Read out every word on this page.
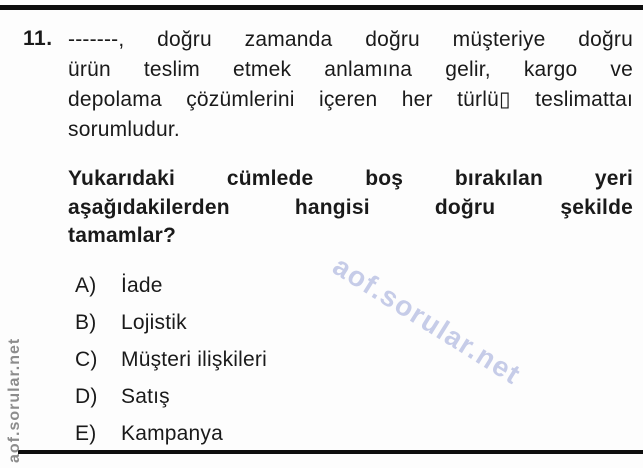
11. -------, doğru zamanda doğru müşteriye doğru
ürün teslim etmek anlamına gelir, kargo ve
depolama çözümlerini içeren her türlü▯ teslimattaı
sorumludur.
Yukarıdaki cümlede boş bırakılan yeri
aşağıdakilerden hangisi doğru şekilde
tamamlar?
A)	İade
B)	Lojistik
C)	Müşteri ilişkileri
D)	Satış
E)	Kampanya
aof.sorular.net
aof.sorular.net
